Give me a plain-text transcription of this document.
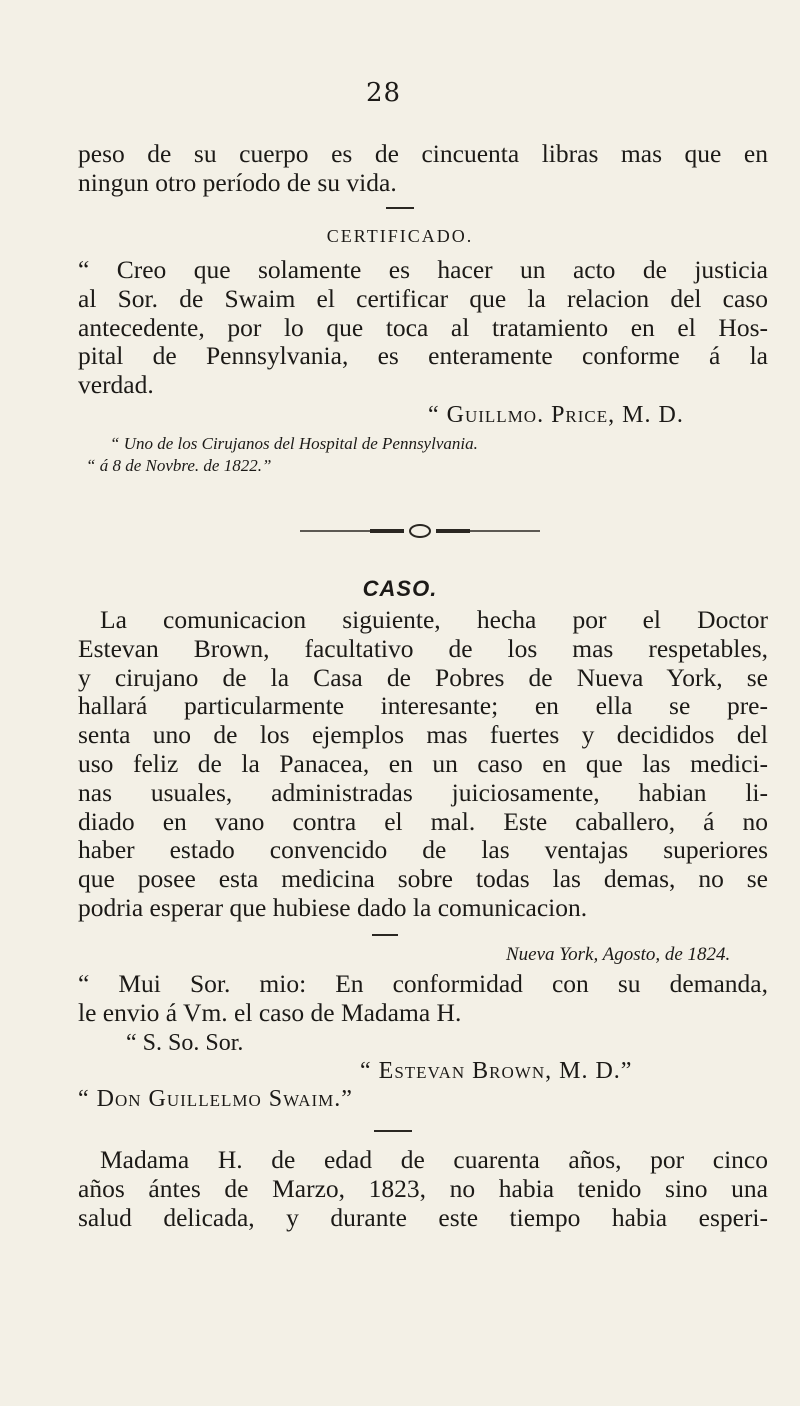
28
peso de su cuerpo es de cincuenta libras mas que en
ningun otro período de su vida.
CERTIFICADO.
“ Creo que solamente es hacer un acto de justicia
al Sor. de Swaim el certificar que la relacion del caso
antecedente, por lo que toca al tratamiento en el Hos-
pital de Pennsylvania, es enteramente conforme á la
verdad.
“ Guillmo. Price, M. D.
“ Uno de los Cirujanos del Hospital de Pennsylvania.
“ á 8 de Novbre. de 1822.”
CASO.
La comunicacion siguiente, hecha por el Doctor
Estevan Brown, facultativo de los mas respetables,
y cirujano de la Casa de Pobres de Nueva York, se
hallará particularmente interesante; en ella se pre-
senta uno de los ejemplos mas fuertes y decididos del
uso feliz de la Panacea, en un caso en que las medici-
nas usuales, administradas juiciosamente, habian li-
diado en vano contra el mal. Este caballero, á no
haber estado convencido de las ventajas superiores
que posee esta medicina sobre todas las demas, no se
podria esperar que hubiese dado la comunicacion.
Nueva York, Agosto, de 1824.
“ Mui Sor. mio: En conformidad con su demanda,
le envio á Vm. el caso de Madama H.
“ S. So. Sor.
“ Estevan Brown, M. D.”
“ Don Guillelmo Swaim.”
Madama H. de edad de cuarenta años, por cinco
años ántes de Marzo, 1823, no habia tenido sino una
salud delicada, y durante este tiempo habia esperi-
